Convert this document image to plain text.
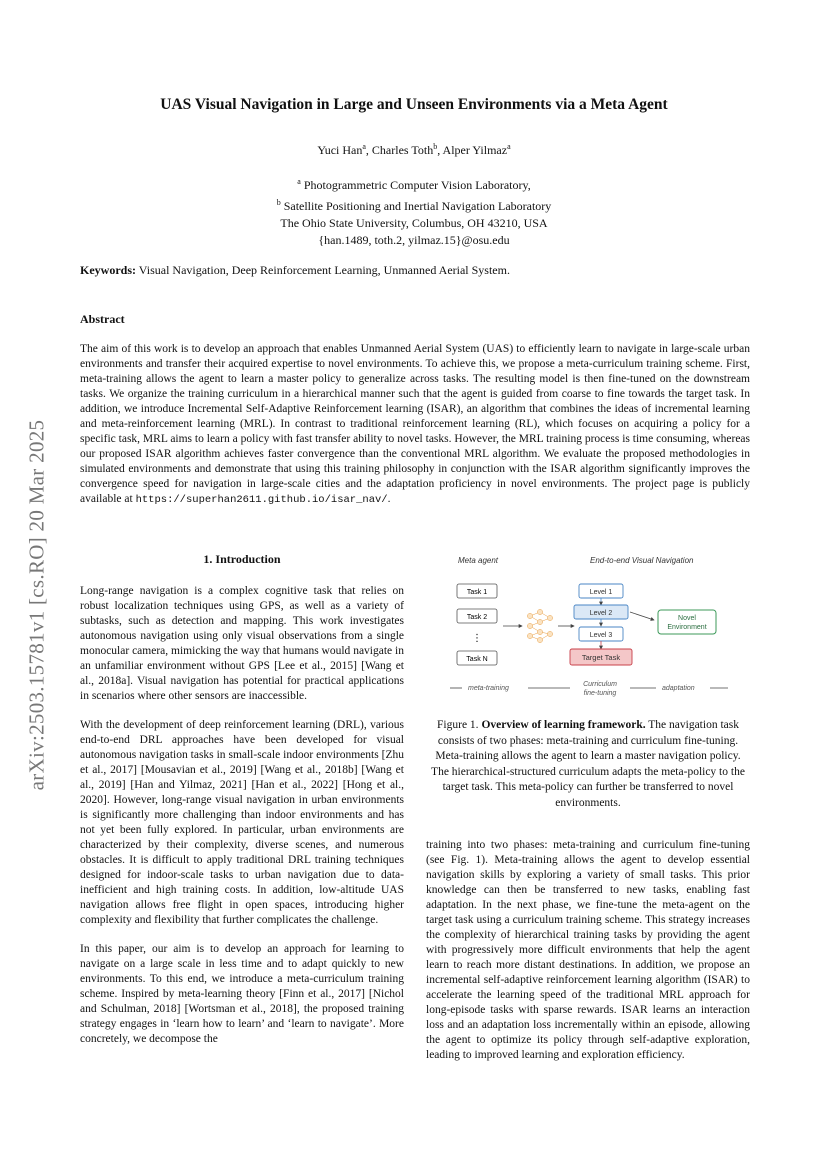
arXiv:2503.15781v1 [cs.RO] 20 Mar 2025
UAS Visual Navigation in Large and Unseen Environments via a Meta Agent
Yuci Han$^a$, Charles Toth$^b$, Alper Yilmaz$^a$
$^a$ Photogrammetric Computer Vision Laboratory,
$^b$ Satellite Positioning and Inertial Navigation Laboratory
The Ohio State University, Columbus, OH 43210, USA
{han.1489, toth.2, yilmaz.15}@osu.edu
Keywords: Visual Navigation, Deep Reinforcement Learning, Unmanned Aerial System.
Abstract
The aim of this work is to develop an approach that enables Unmanned Aerial System (UAS) to efficiently learn to navigate in large-scale urban environments and transfer their acquired expertise to novel environments. To achieve this, we propose a meta-curriculum training scheme. First, meta-training allows the agent to learn a master policy to generalize across tasks. The resulting model is then fine-tuned on the downstream tasks. We organize the training curriculum in a hierarchical manner such that the agent is guided from coarse to fine towards the target task. In addition, we introduce Incremental Self-Adaptive Reinforcement learning (ISAR), an algorithm that combines the ideas of incremental learning and meta-reinforcement learning (MRL). In contrast to traditional reinforcement learning (RL), which focuses on acquiring a policy for a specific task, MRL aims to learn a policy with fast transfer ability to novel tasks. However, the MRL training process is time consuming, whereas our proposed ISAR algorithm achieves faster convergence than the conventional MRL algorithm. We evaluate the proposed methodologies in simulated environments and demonstrate that using this training philosophy in conjunction with the ISAR algorithm significantly improves the convergence speed for navigation in large-scale cities and the adaptation proficiency in novel environments. The project page is publicly available at https://superhan2611.github.io/isar_nav/.
1. Introduction

Long-range navigation is a complex cognitive task that relies on robust localization techniques using GPS, as well as a variety of subtasks, such as detection and mapping. This work investigates autonomous navigation using only visual observations from a single monocular camera, mimicking the way that humans would navigate in an unfamiliar environment without GPS [Lee et al., 2015] [Wang et al., 2018a]. Visual navigation has potential for practical applications in scenarios where other sensors are inaccessible.

With the development of deep reinforcement learning (DRL), various end-to-end DRL approaches have been developed for visual autonomous navigation tasks in small-scale indoor environments [Zhu et al., 2017] [Mousavian et al., 2019] [Wang et al., 2018b] [Wang et al., 2019] [Han and Yilmaz, 2021] [Han et al., 2022] [Hong et al., 2020]. However, long-range visual navigation in urban environments is significantly more challenging than indoor environments and has not yet been fully explored. In particular, urban environments are characterized by their complexity, diverse scenes, and numerous obstacles. It is difficult to apply traditional DRL training techniques designed for indoor-scale tasks to urban navigation due to data-inefficient and high training costs. In addition, low-altitude UAS navigation allows free flight in open spaces, introducing higher complexity and flexibility that further complicates the challenge.

In this paper, our aim is to develop an approach for learning to navigate on a large scale in less time and to adapt quickly to new environments. To this end, we introduce a meta-curriculum training scheme. Inspired by meta-learning theory [Finn et al., 2017] [Nichol and Schulman, 2018] [Wortsman et al., 2018], the proposed training strategy engages in ‘learn how to learn’ and ‘learn to navigate’. More concretely, we decompose the

Meta agent	End-to-end Visual Navigation
Task 1
Task 2
⋮
Task N
Level 1
Level 2
Level 3
Target Task
Novel
Environment
meta-training
Curriculum
fine-tuning
adaptation
Figure 1. Overview of learning framework. The navigation task consists of two phases: meta-training and curriculum fine-tuning. Meta-training allows the agent to learn a master navigation policy. The hierarchical-structured curriculum adapts the meta-policy to the target task. This meta-policy can further be transferred to novel environments.

training into two phases: meta-training and curriculum fine-tuning (see Fig. 1). Meta-training allows the agent to develop essential navigation skills by exploring a variety of small tasks. This prior knowledge can then be transferred to new tasks, enabling fast adaptation. In the next phase, we fine-tune the meta-agent on the target task using a curriculum training scheme. This strategy increases the complexity of hierarchical training tasks by providing the agent with progressively more difficult environments that help the agent learn to reach more distant destinations. In addition, we propose an incremental self-adaptive reinforcement learning algorithm (ISAR) to accelerate the learning speed of the traditional MRL approach for long-episode tasks with sparse rewards. ISAR learns an interaction loss and an adaptation loss incrementally within an episode, allowing the agent to optimize its policy through self-adaptive exploration, leading to improved learning and exploration efficiency.
